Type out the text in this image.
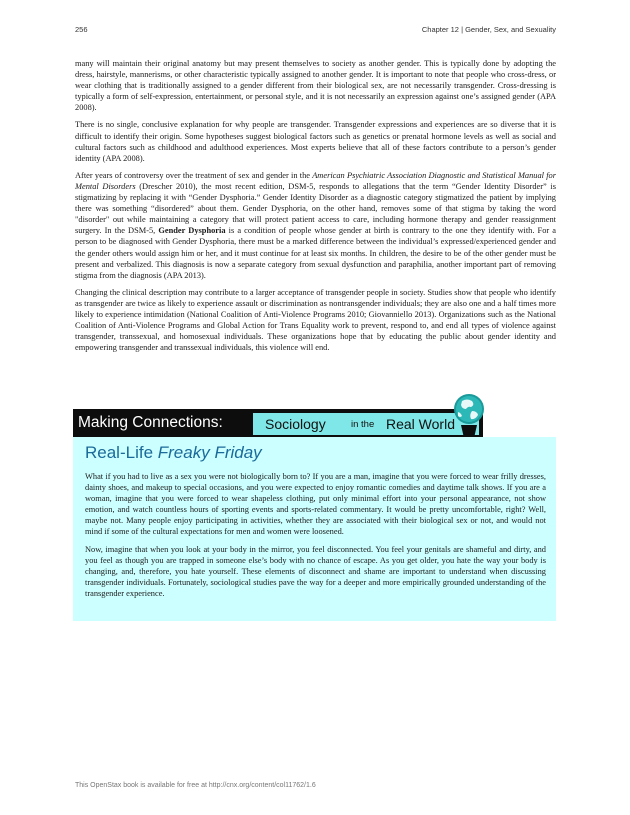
256	Chapter 12 | Gender, Sex, and Sexuality

many will maintain their original anatomy but may present themselves to society as another gender. This is typically done by adopting the dress, hairstyle, mannerisms, or other characteristic typically assigned to another gender. It is important to note that people who cross-dress, or wear clothing that is traditionally assigned to a gender different from their biological sex, are not necessarily transgender. Cross-dressing is typically a form of self-expression, entertainment, or personal style, and it is not necessarily an expression against one’s assigned gender (APA 2008).

There is no single, conclusive explanation for why people are transgender. Transgender expressions and experiences are so diverse that it is difficult to identify their origin. Some hypotheses suggest biological factors such as genetics or prenatal hormone levels as well as social and cultural factors such as childhood and adulthood experiences. Most experts believe that all of these factors contribute to a person’s gender identity (APA 2008).

After years of controversy over the treatment of sex and gender in the American Psychiatric Association Diagnostic and Statistical Manual for Mental Disorders (Drescher 2010), the most recent edition, DSM-5, responds to allegations that the term “Gender Identity Disorder” is stigmatizing by replacing it with “Gender Dysphoria.” Gender Identity Disorder as a diagnostic category stigmatized the patient by implying there was something “disordered” about them. Gender Dysphoria, on the other hand, removes some of that stigma by taking the word "disorder" out while maintaining a category that will protect patient access to care, including hormone therapy and gender reassignment surgery. In the DSM-5, Gender Dysphoria is a condition of people whose gender at birth is contrary to the one they identify with. For a person to be diagnosed with Gender Dysphoria, there must be a marked difference between the individual’s expressed/experienced gender and the gender others would assign him or her, and it must continue for at least six months. In children, the desire to be of the other gender must be present and verbalized. This diagnosis is now a separate category from sexual dysfunction and paraphilia, another important part of removing stigma from the diagnosis (APA 2013).

Changing the clinical description may contribute to a larger acceptance of transgender people in society. Studies show that people who identify as transgender are twice as likely to experience assault or discrimination as nontransgender individuals; they are also one and a half times more likely to experience intimidation (National Coalition of Anti-Violence Programs 2010; Giovanniello 2013). Organizations such as the National Coalition of Anti-Violence Programs and Global Action for Trans Equality work to prevent, respond to, and end all types of violence against transgender, transsexual, and homosexual individuals. These organizations hope that by educating the public about gender identity and empowering transgender and transsexual individuals, this violence will end.

Making Connections:	Sociology	in the Real World
Real-Life Freaky Friday

What if you had to live as a sex you were not biologically born to? If you are a man, imagine that you were forced to wear frilly dresses, dainty shoes, and makeup to special occasions, and you were expected to enjoy romantic comedies and daytime talk shows. If you are a woman, imagine that you were forced to wear shapeless clothing, put only minimal effort into your personal appearance, not show emotion, and watch countless hours of sporting events and sports-related commentary. It would be pretty uncomfortable, right? Well, maybe not. Many people enjoy participating in activities, whether they are associated with their biological sex or not, and would not mind if some of the cultural expectations for men and women were loosened.

Now, imagine that when you look at your body in the mirror, you feel disconnected. You feel your genitals are shameful and dirty, and you feel as though you are trapped in someone else’s body with no chance of escape. As you get older, you hate the way your body is changing, and, therefore, you hate yourself. These elements of disconnect and shame are important to understand when discussing transgender individuals. Fortunately, sociological studies pave the way for a deeper and more empirically grounded understanding of the transgender experience.

This OpenStax book is available for free at http://cnx.org/content/col11762/1.6
